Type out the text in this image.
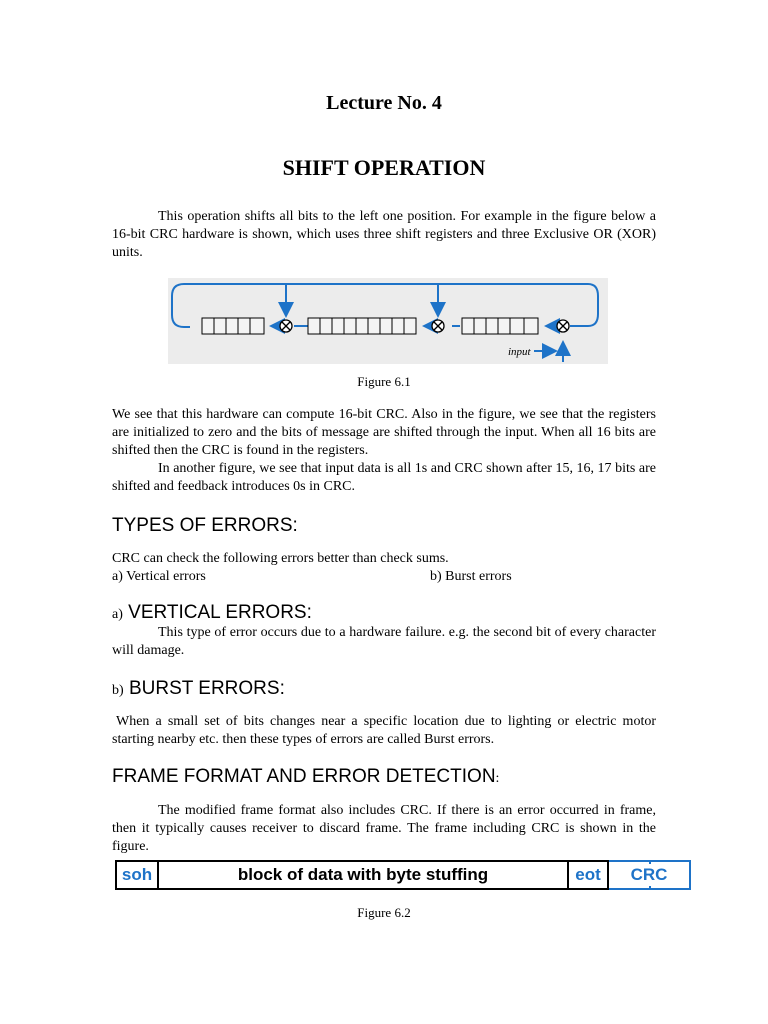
Lecture No. 4
SHIFT OPERATION

This operation shifts all bits to the left one position. For example in the figure below a 16-bit CRC hardware is shown, which uses three shift registers and three Exclusive OR (XOR) units.

input
Figure 6.1

We see that this hardware can compute 16-bit CRC. Also in the figure, we see that the registers are initialized to zero and the bits of message are shifted through the input. When all 16 bits are shifted then the CRC is found in the registers.

In another figure, we see that input data is all 1s and CRC shown after 15, 16, 17 bits are shifted and feedback introduces 0s in CRC.

TYPES OF ERRORS:

CRC can check the following errors better than check sums.

a) Vertical errors	b) Burst errors

a) VERTICAL ERRORS:

This type of error occurs due to a hardware failure. e.g. the second bit of every character will damage.

b) BURST ERRORS:

When a small set of bits changes near a specific location due to lighting or electric motor starting nearby etc. then these types of errors are called Burst errors.

FRAME FORMAT AND ERROR DETECTION:

The modified frame format also includes CRC. If there is an error occurred in frame, then it typically causes receiver to discard frame. The frame including CRC is shown in the figure.

soh	block of data with byte stuffing	eot	CRC
Figure 6.2
